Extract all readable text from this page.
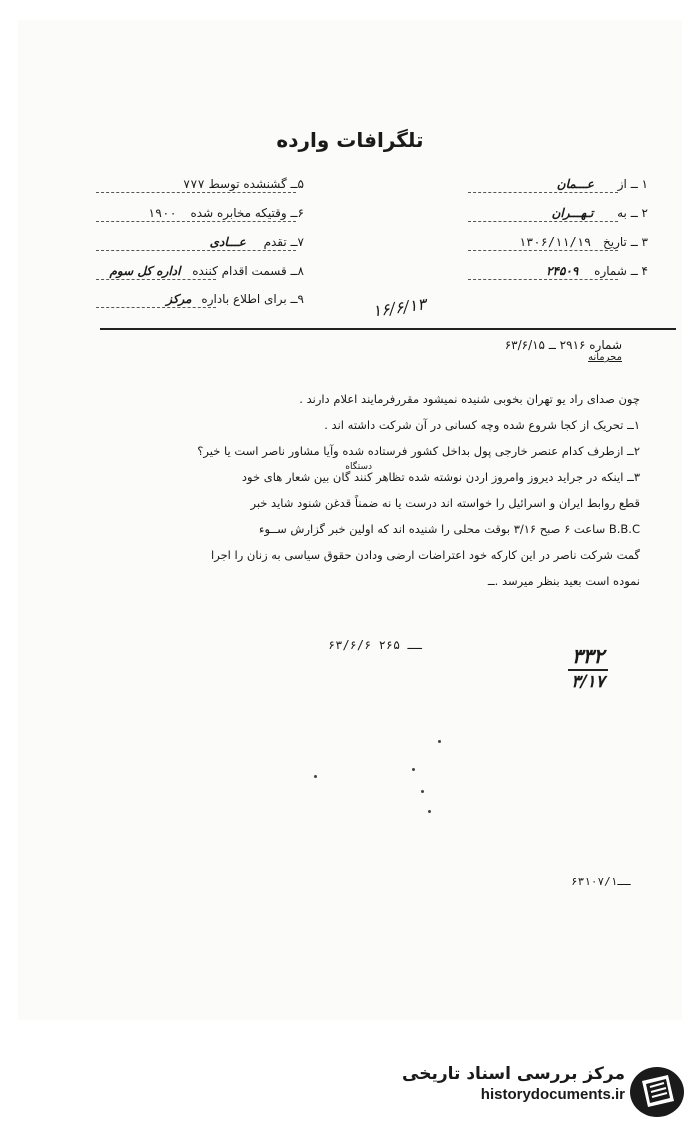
تلگرافات وارده
۱ ــ از عـــمان
۲ ــ به تـهـــران
۳ ــ تاریخ ۱۳۰۶/۱۱/۱۹
۴ ــ شماره ۲۴۵۰۹
۵ــ گشنشده توسط ۷۷۷
۶ــ وقتیکه مخابره شده ۱۹۰۰
۷ــ تقدم عـــادی
۸ــ قسمت اقدام کننده اداره کل سوم
۹ــ برای اطلاع باداره مرکز	۱۶/۶/۱۳
شماره ۲۹۱۶ ــ ۶۳/۶/۱۵
محرمانه
چون صدای راد یو تهران بخوبی شنیده نمیشود مقررفرمایند اعلام دارند .
۱ــ تحریک از کجا شروع شده وچه کسانی در آن شرکت داشته اند .
۲ــ ازطرف کدام عنصر خارجی پول بداخل کشور فرستاده شده وآیا مشاور ناصر است یا خیر؟
۳ــ اینکه در جراید دیروز وامروز اردن نوشته شده تظاهر کنند گان بین شعار های خود
دستگاه
قطع روابط ایران و اسرائیل را خواسته اند درست یا نه ضمناً قدغن شنود شاید خبر
B.B.C ساعت ۶ صبح ۳/۱۶ بوقت محلی را شنیده اند که اولین خبر گزارش ســوء
گمت شرکت ناصر در این کارکه خود اعتراضات ارضی ودادن حقوق سیاسی به زنان را اجرا
نموده است بعید بنظر میرسد .ــ
۶۳/۶/۶ ــ ۲۶۵	۳۳۲
۳/۱۷
۶۳ــ۱۰۷/۱
مرکز بررسی اسناد تاریخی
historydocuments.ir
